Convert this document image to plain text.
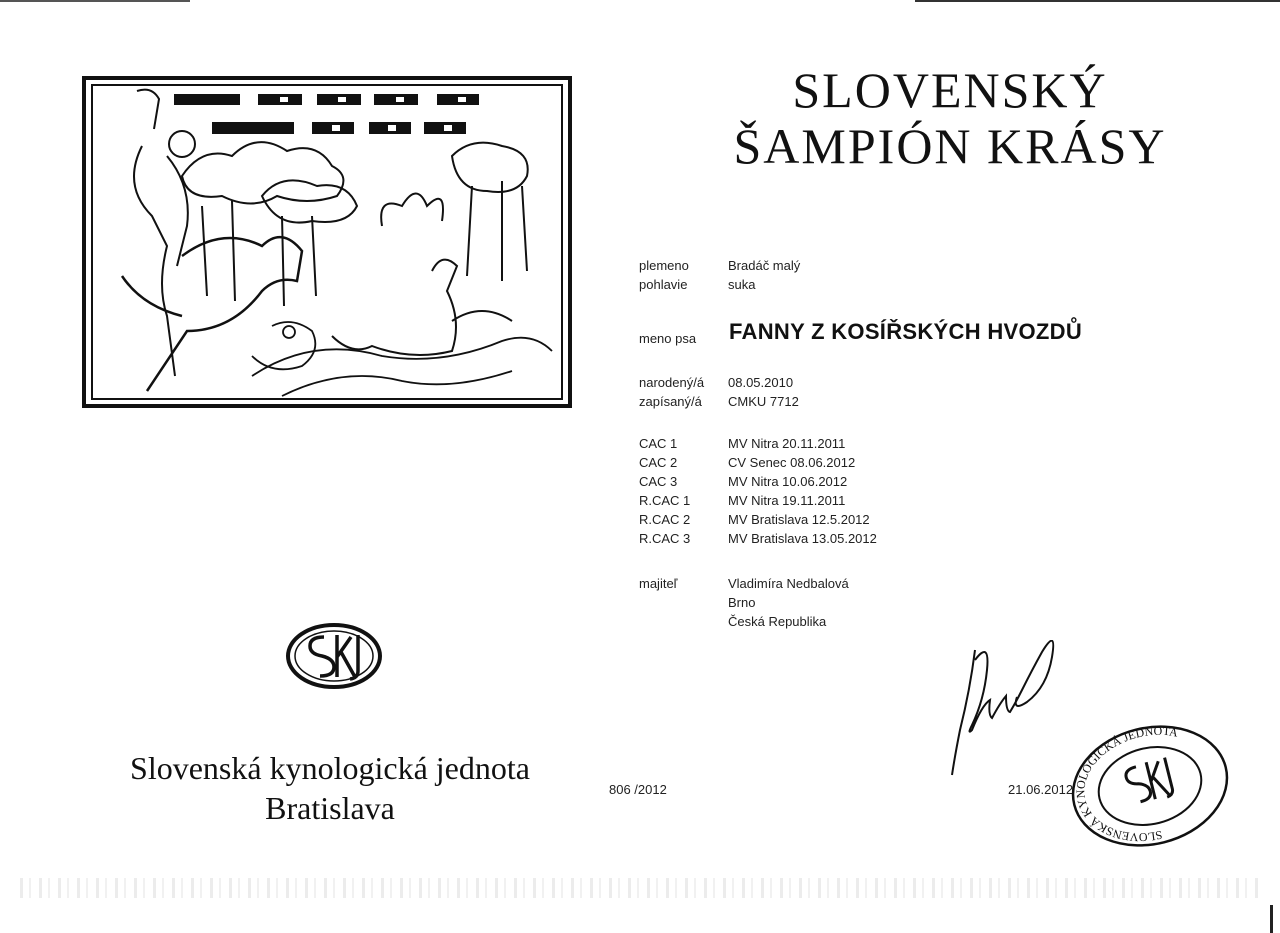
SLOVENSKÝ
ŠAMPIÓN KRÁSY
plemeno	Bradáč malý
pohlavie	suka
meno psa FANNY Z KOSÍŘSKÝCH HVOZDŮ
narodený/á 08.05.2010
zapísaný/á CMKU 7712
CAC 1	MV Nitra 20.11.2011
CAC 2	CV Senec 08.06.2012
CAC 3	MV Nitra 10.06.2012
R.CAC 1	MV Nitra 19.11.2011
R.CAC 2	MV Bratislava 12.5.2012
R.CAC 3	MV Bratislava 13.05.2012
majiteľ	Vladimíra Nedbalová
Brno
Česká Republika
Slovenská kynologická jednota
Bratislava
806 /2012	21.06.2012
SLOVENSKÁ KYNOLOGICKÁ JEDNOTA
